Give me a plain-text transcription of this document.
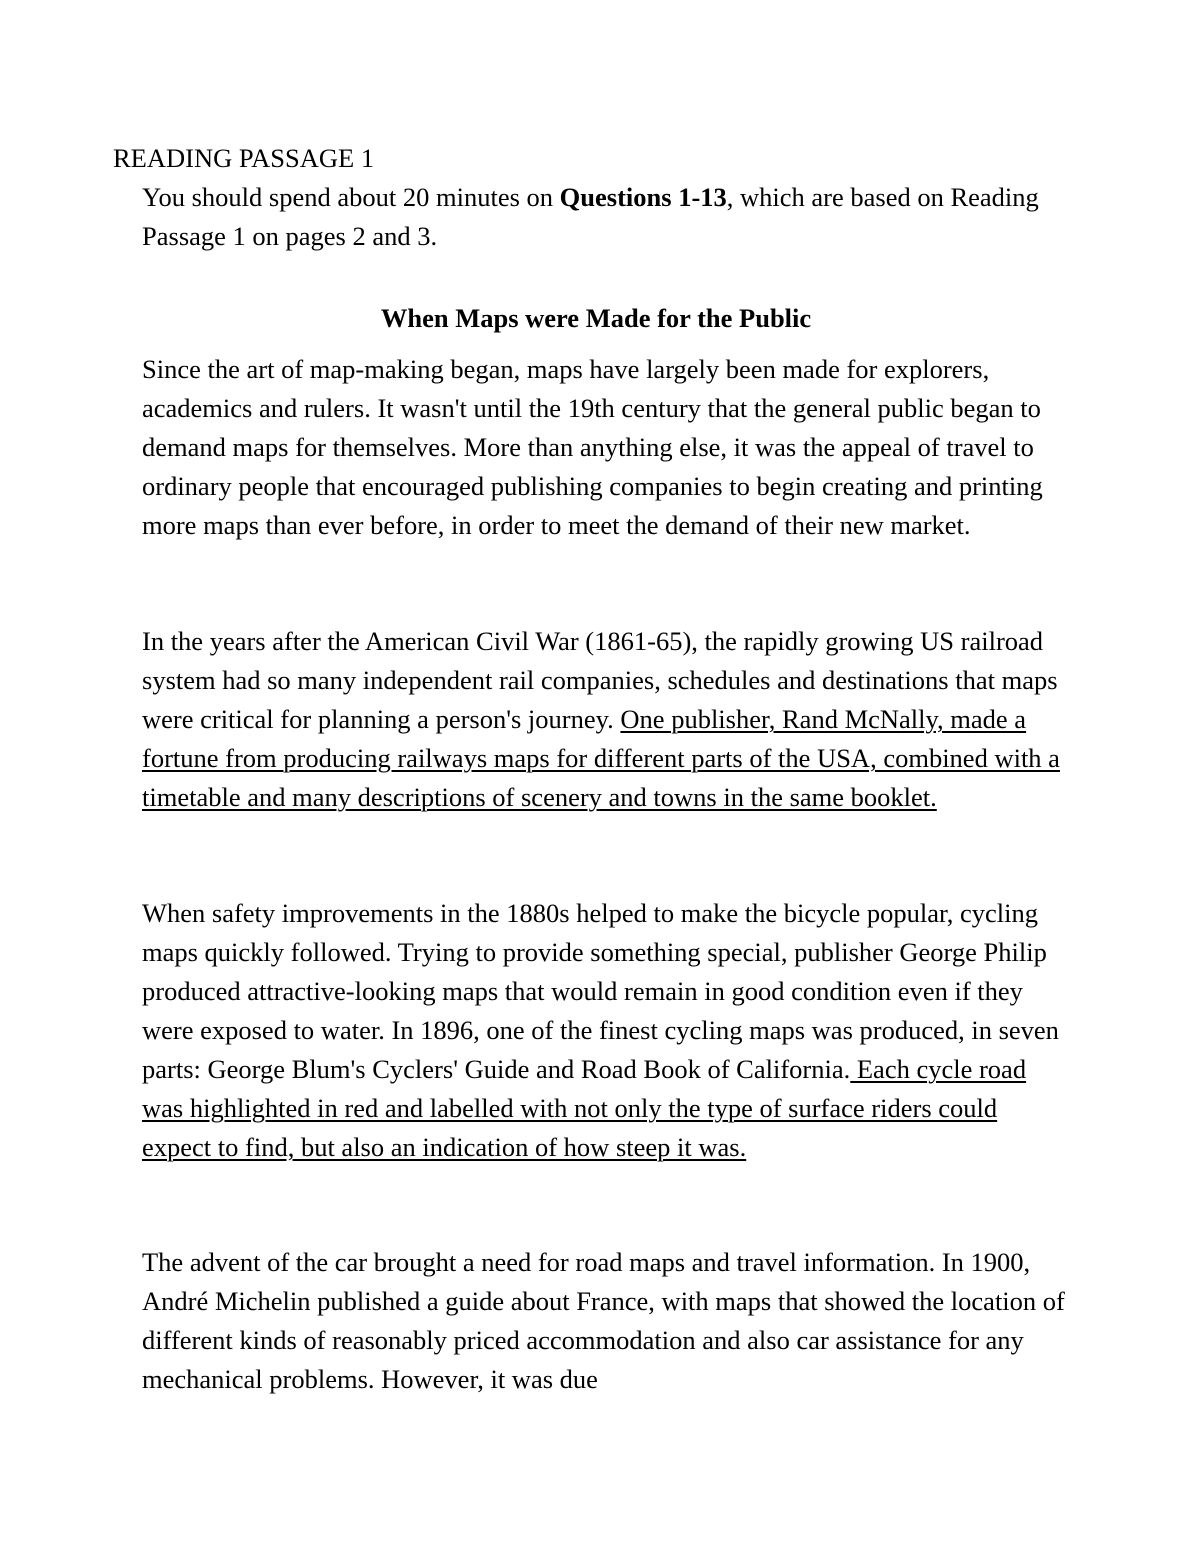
READING PASSAGE 1

You should spend about 20 minutes on Questions 1-13, which are based on Reading Passage 1 on pages 2 and 3.

When Maps were Made for the Public

Since the art of map-making began, maps have largely been made for explorers, academics and rulers. It wasn't until the 19th century that the general public began to demand maps for themselves. More than anything else, it was the appeal of travel to ordinary people that encouraged publishing companies to begin creating and printing more maps than ever before, in order to meet the demand of their new market.

In the years after the American Civil War (1861-65), the rapidly growing US railroad system had so many independent rail companies, schedules and destinations that maps were critical for planning a person's journey. One publisher, Rand McNally, made a fortune from producing railways maps for different parts of the USA, combined with a timetable and many descriptions of scenery and towns in the same booklet.

When safety improvements in the 1880s helped to make the bicycle popular, cycling maps quickly followed. Trying to provide something special, publisher George Philip produced attractive-looking maps that would remain in good condition even if they were exposed to water. In 1896, one of the finest cycling maps was produced, in seven parts: George Blum's Cyclers' Guide and Road Book of California. Each cycle road was highlighted in red and labelled with not only the type of surface riders could expect to find, but also an indication of how steep it was.

The advent of the car brought a need for road maps and travel information. In 1900, André Michelin published a guide about France, with maps that showed the location of different kinds of reasonably priced accommodation and also car assistance for any mechanical problems. However, it was due
